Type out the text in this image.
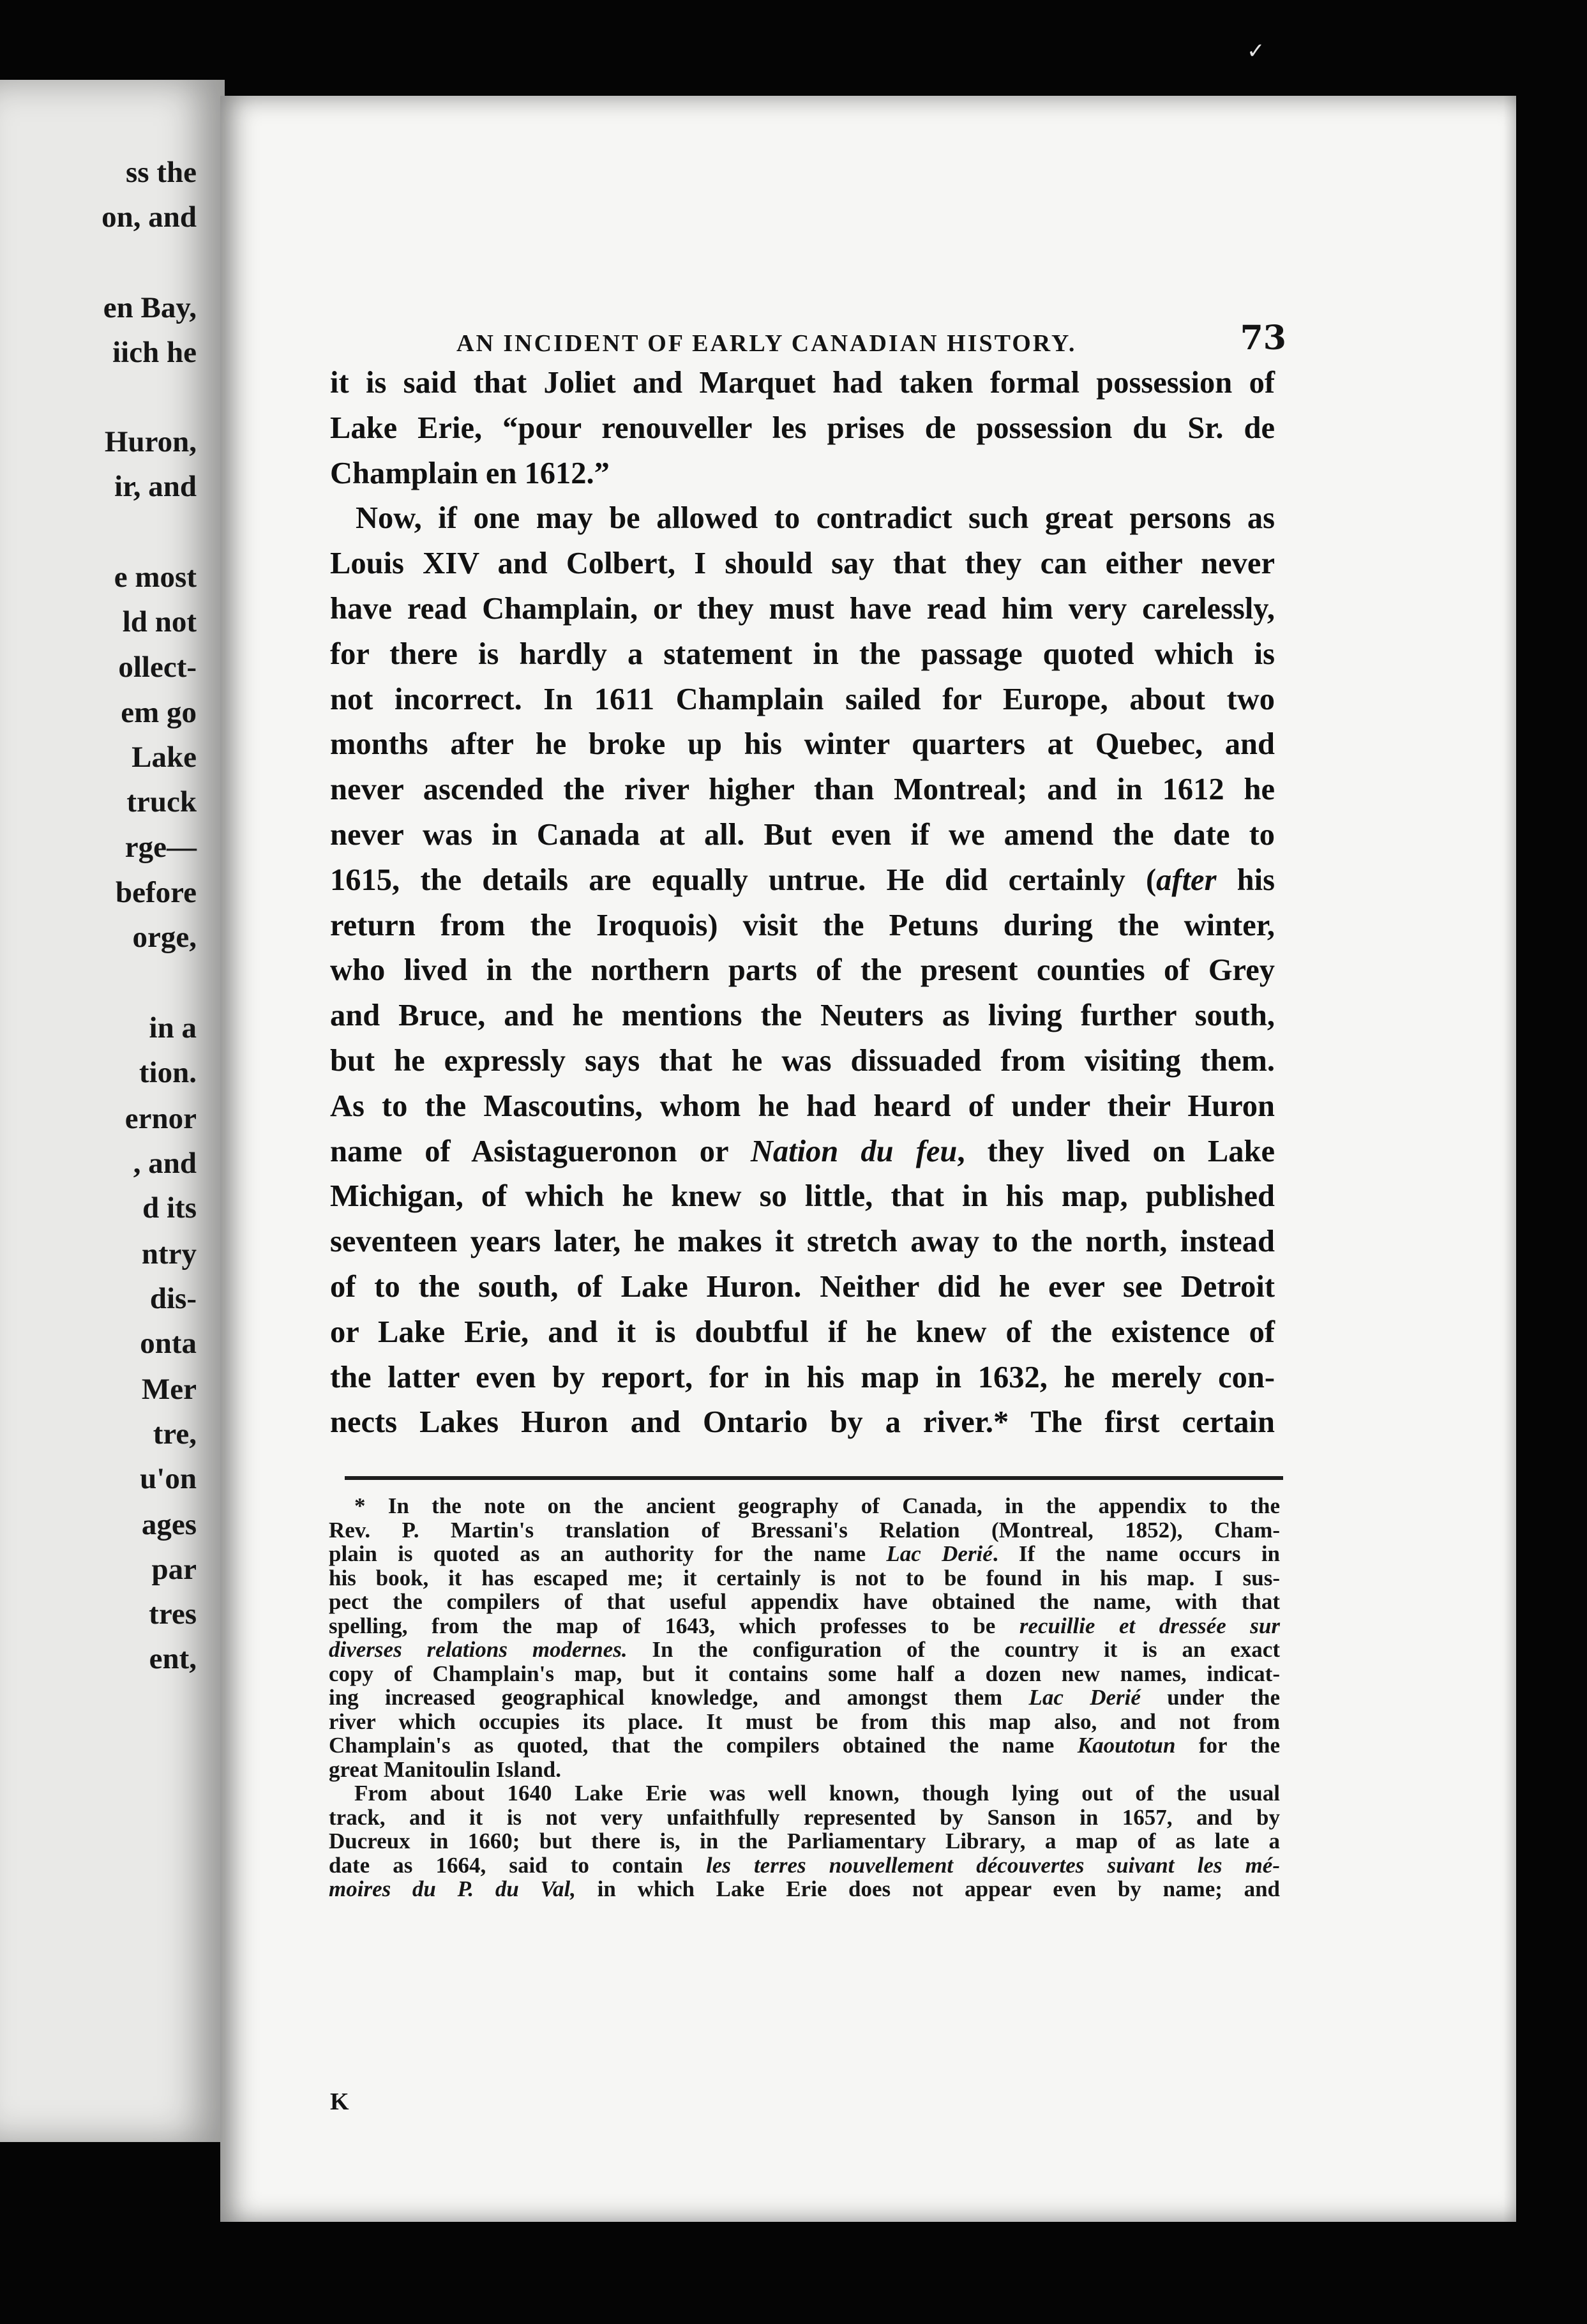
ss the
on, and
en Bay,
iich he
Huron,
ir, and
e most
ld not
ollect-
em go
Lake
truck
rge—
before
orge,
in a
tion.
ernor
, and
d its
ntry
dis-
onta
Mer
tre,
u'on
ages
par
tres
ent,
✓
AN INCIDENT OF EARLY CANADIAN HISTORY.	73

it is said that Joliet and Marquet had taken formal possession of

Lake Erie, “pour renouveller les prises de possession du Sr. de

Champlain en 1612.”

Now, if one may be allowed to contradict such great persons as

Louis XIV and Colbert, I should say that they can either never

have read Champlain, or they must have read him very carelessly,

for there is hardly a statement in the passage quoted which is

not incorrect. In 1611 Champlain sailed for Europe, about two

months after he broke up his winter quarters at Quebec, and

never ascended the river higher than Montreal; and in 1612 he

never was in Canada at all. But even if we amend the date to

1615, the details are equally untrue. He did certainly (after his

return from the Iroquois) visit the Petuns during the winter,

who lived in the northern parts of the present counties of Grey

and Bruce, and he mentions the Neuters as living further south,

but he expressly says that he was dissuaded from visiting them.

As to the Mascoutins, whom he had heard of under their Huron

name of Asistagueronon or Nation du feu, they lived on Lake

Michigan, of which he knew so little, that in his map, published

seventeen years later, he makes it stretch away to the north, instead

of to the south, of Lake Huron. Neither did he ever see Detroit

or Lake Erie, and it is doubtful if he knew of the existence of

the latter even by report, for in his map in 1632, he merely con-

nects Lakes Huron and Ontario by a river.* The first certain

* In the note on the ancient geography of Canada, in the appendix to the

Rev. P. Martin's translation of Bressani's Relation (Montreal, 1852), Cham-

plain is quoted as an authority for the name Lac Derié. If the name occurs in

his book, it has escaped me; it certainly is not to be found in his map. I sus-

pect the compilers of that useful appendix have obtained the name, with that

spelling, from the map of 1643, which professes to be recuillie et dressée sur

diverses relations modernes. In the configuration of the country it is an exact

copy of Champlain's map, but it contains some half a dozen new names, indicat-

ing increased geographical knowledge, and amongst them Lac Derié under the

river which occupies its place. It must be from this map also, and not from

Champlain's as quoted, that the compilers obtained the name Kaoutotun for the

great Manitoulin Island.

From about 1640 Lake Erie was well known, though lying out of the usual

track, and it is not very unfaithfully represented by Sanson in 1657, and by

Ducreux in 1660; but there is, in the Parliamentary Library, a map of as late a

date as 1664, said to contain les terres nouvellement découvertes suivant les mé-

moires du P. du Val, in which Lake Erie does not appear even by name; and

K
